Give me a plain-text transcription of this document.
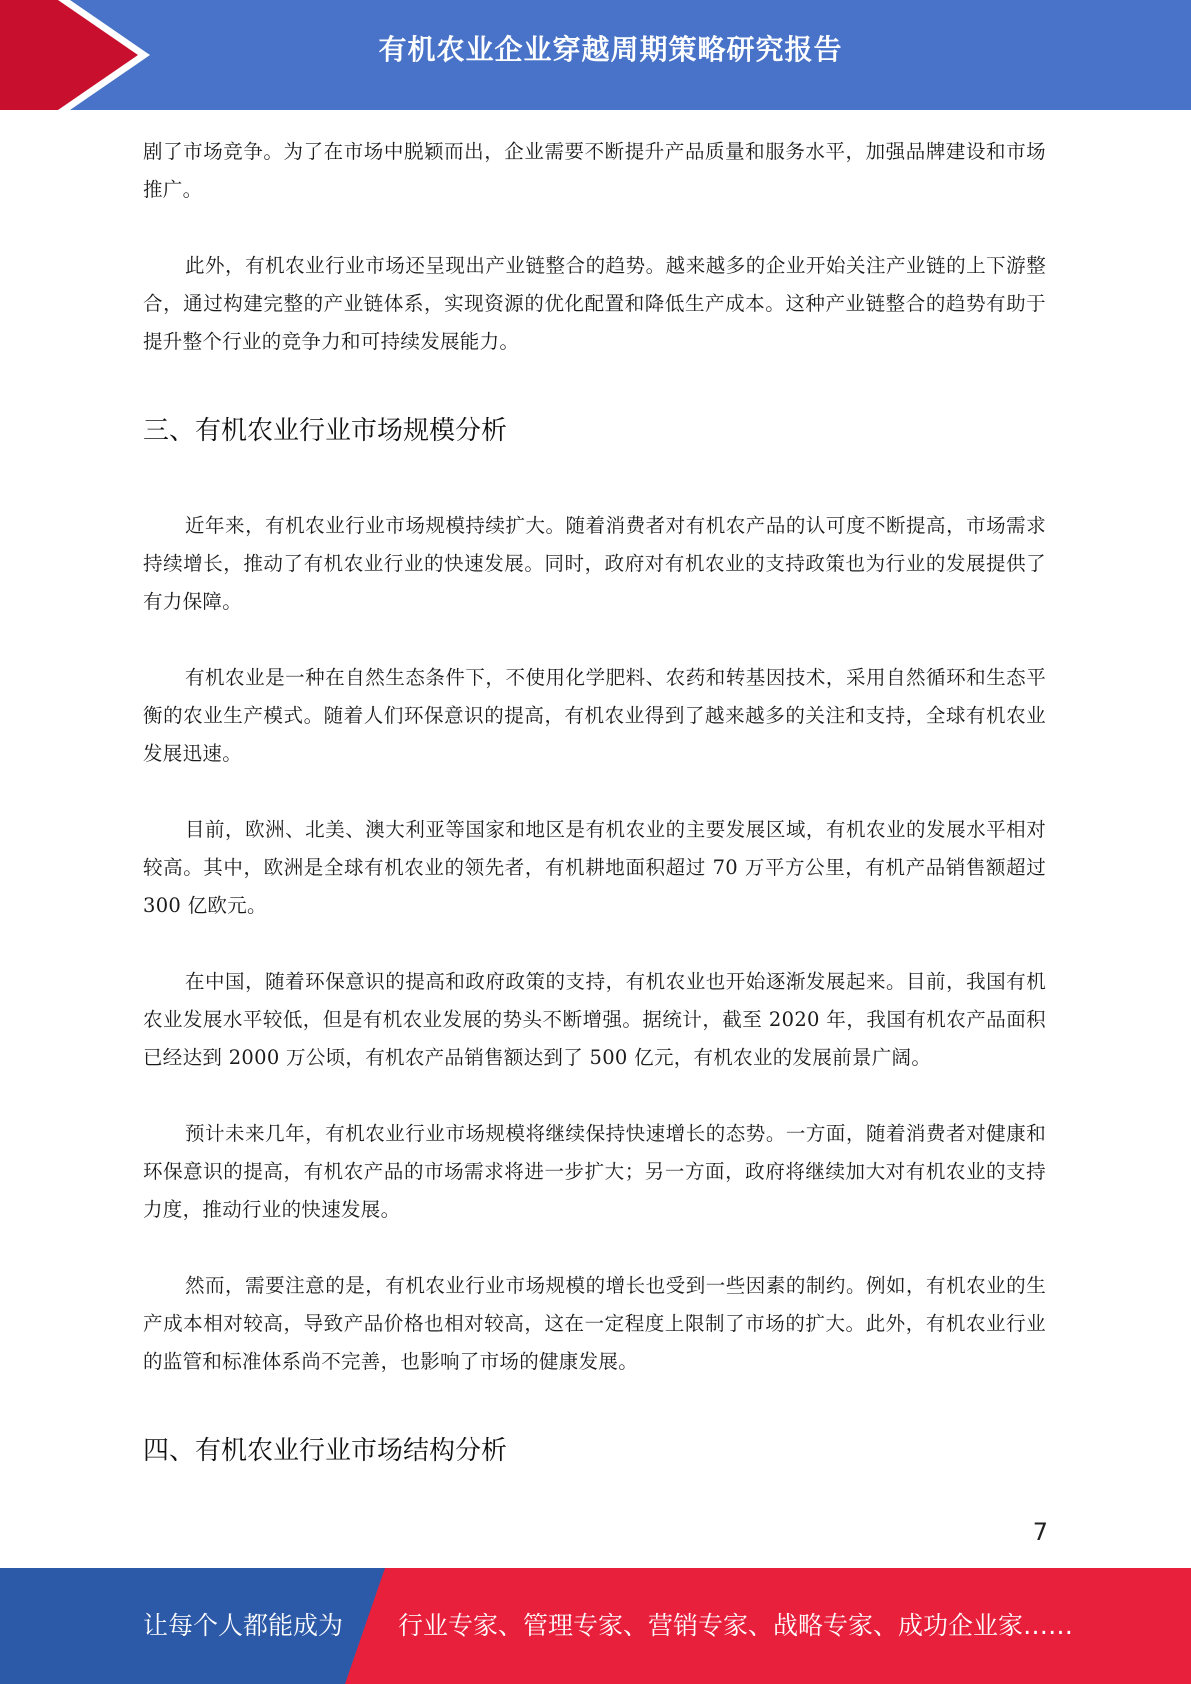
有机农业企业穿越周期策略研究报告

剧了市场竞争。为了在市场中脱颖而出，企业需要不断提升产品质量和服务水平，加强品牌建设和市场推广。

此外，有机农业行业市场还呈现出产业链整合的趋势。越来越多的企业开始关注产业链的上下游整合，通过构建完整的产业链体系，实现资源的优化配置和降低生产成本。这种产业链整合的趋势有助于提升整个行业的竞争力和可持续发展能力。

三、有机农业行业市场规模分析

近年来，有机农业行业市场规模持续扩大。随着消费者对有机农产品的认可度不断提高，市场需求持续增长，推动了有机农业行业的快速发展。同时，政府对有机农业的支持政策也为行业的发展提供了有力保障。

有机农业是一种在自然生态条件下，不使用化学肥料、农药和转基因技术，采用自然循环和生态平衡的农业生产模式。随着人们环保意识的提高，有机农业得到了越来越多的关注和支持，全球有机农业发展迅速。

目前，欧洲、北美、澳大利亚等国家和地区是有机农业的主要发展区域，有机农业的发展水平相对较高。其中，欧洲是全球有机农业的领先者，有机耕地面积超过 70 万平方公里，有机产品销售额超过 300 亿欧元。

在中国，随着环保意识的提高和政府政策的支持，有机农业也开始逐渐发展起来。目前，我国有机农业发展水平较低，但是有机农业发展的势头不断增强。据统计，截至 2020 年，我国有机农产品面积已经达到 2000 万公顷，有机农产品销售额达到了 500 亿元，有机农业的发展前景广阔。

预计未来几年，有机农业行业市场规模将继续保持快速增长的态势。一方面，随着消费者对健康和环保意识的提高，有机农产品的市场需求将进一步扩大；另一方面，政府将继续加大对有机农业的支持力度，推动行业的快速发展。

然而，需要注意的是，有机农业行业市场规模的增长也受到一些因素的制约。例如，有机农业的生产成本相对较高，导致产品价格也相对较高，这在一定程度上限制了市场的扩大。此外，有机农业行业的监管和标准体系尚不完善，也影响了市场的健康发展。

四、有机农业行业市场结构分析
7
让每个人都能成为 行业专家、管理专家、营销专家、战略专家、成功企业家……
